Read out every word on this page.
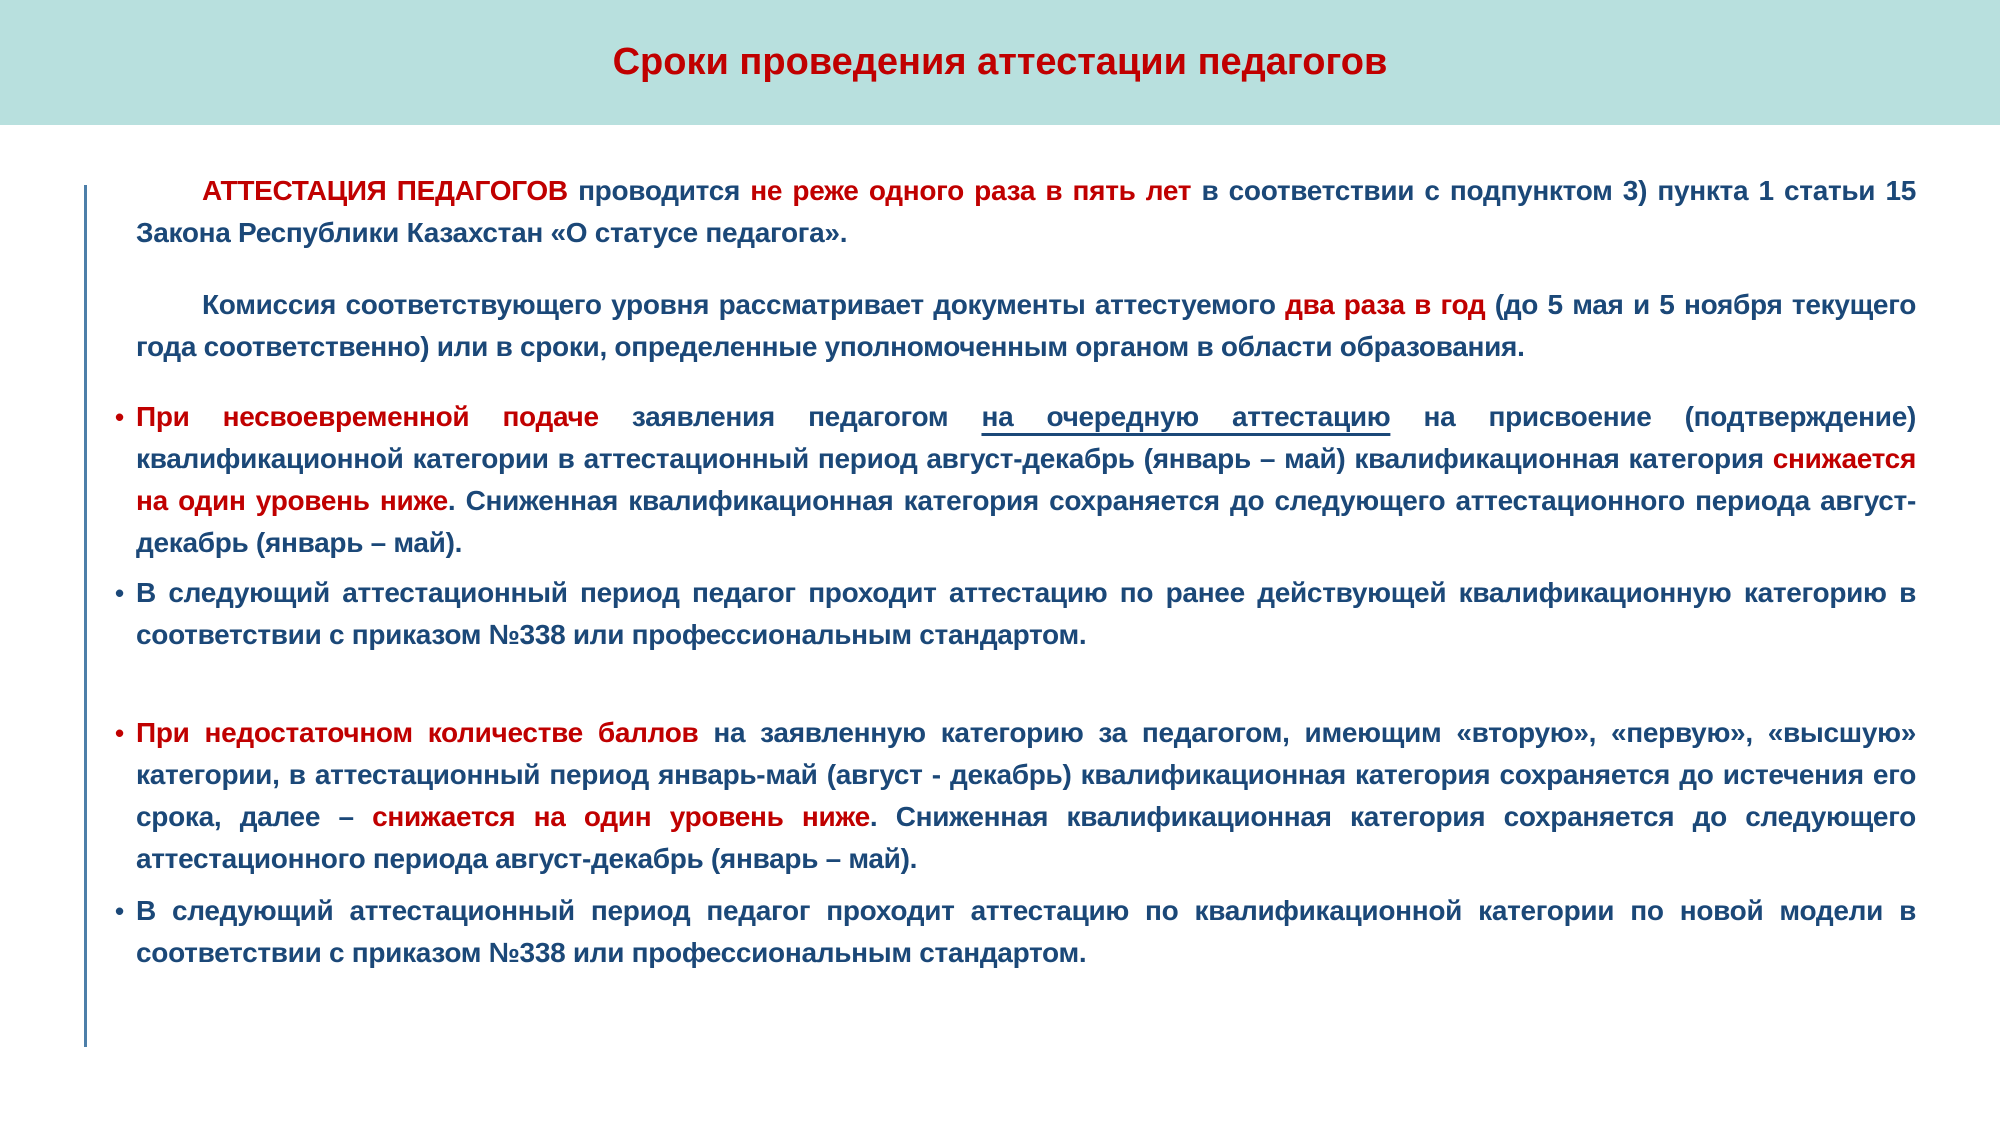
Сроки проведения аттестации педагогов

АТТЕСТАЦИЯ ПЕДАГОГОВ проводится не реже одного раза в пять лет в соответствии с подпунктом 3) пункта 1 статьи 15 Закона Республики Казахстан «О статусе педагога».

Комиссия соответствующего уровня рассматривает документы аттестуемого два раза в год (до 5 мая и 5 ноября текущего года соответственно) или в сроки, определенные уполномоченным органом в области образования.

• При несвоевременной подаче заявления педагогом на очередную аттестацию на присвоение (подтверждение) квалификационной категории в аттестационный период август-декабрь (январь – май) квалификационная категория снижается на один уровень ниже. Сниженная квалификационная категория сохраняется до следующего аттестационного периода август-декабрь (январь – май).

• В следующий аттестационный период педагог проходит аттестацию по ранее действующей квалификационную категорию в соответствии с приказом №338 или профессиональным стандартом.

• При недостаточном количестве баллов на заявленную категорию за педагогом, имеющим «вторую», «первую», «высшую» категории, в аттестационный период январь-май (август - декабрь) квалификационная категория сохраняется до истечения его срока, далее – снижается на один уровень ниже. Сниженная квалификационная категория сохраняется до следующего аттестационного периода август-декабрь (январь – май).

• В следующий аттестационный период педагог проходит аттестацию по квалификационной категории по новой модели в соответствии с приказом №338 или профессиональным стандартом.
